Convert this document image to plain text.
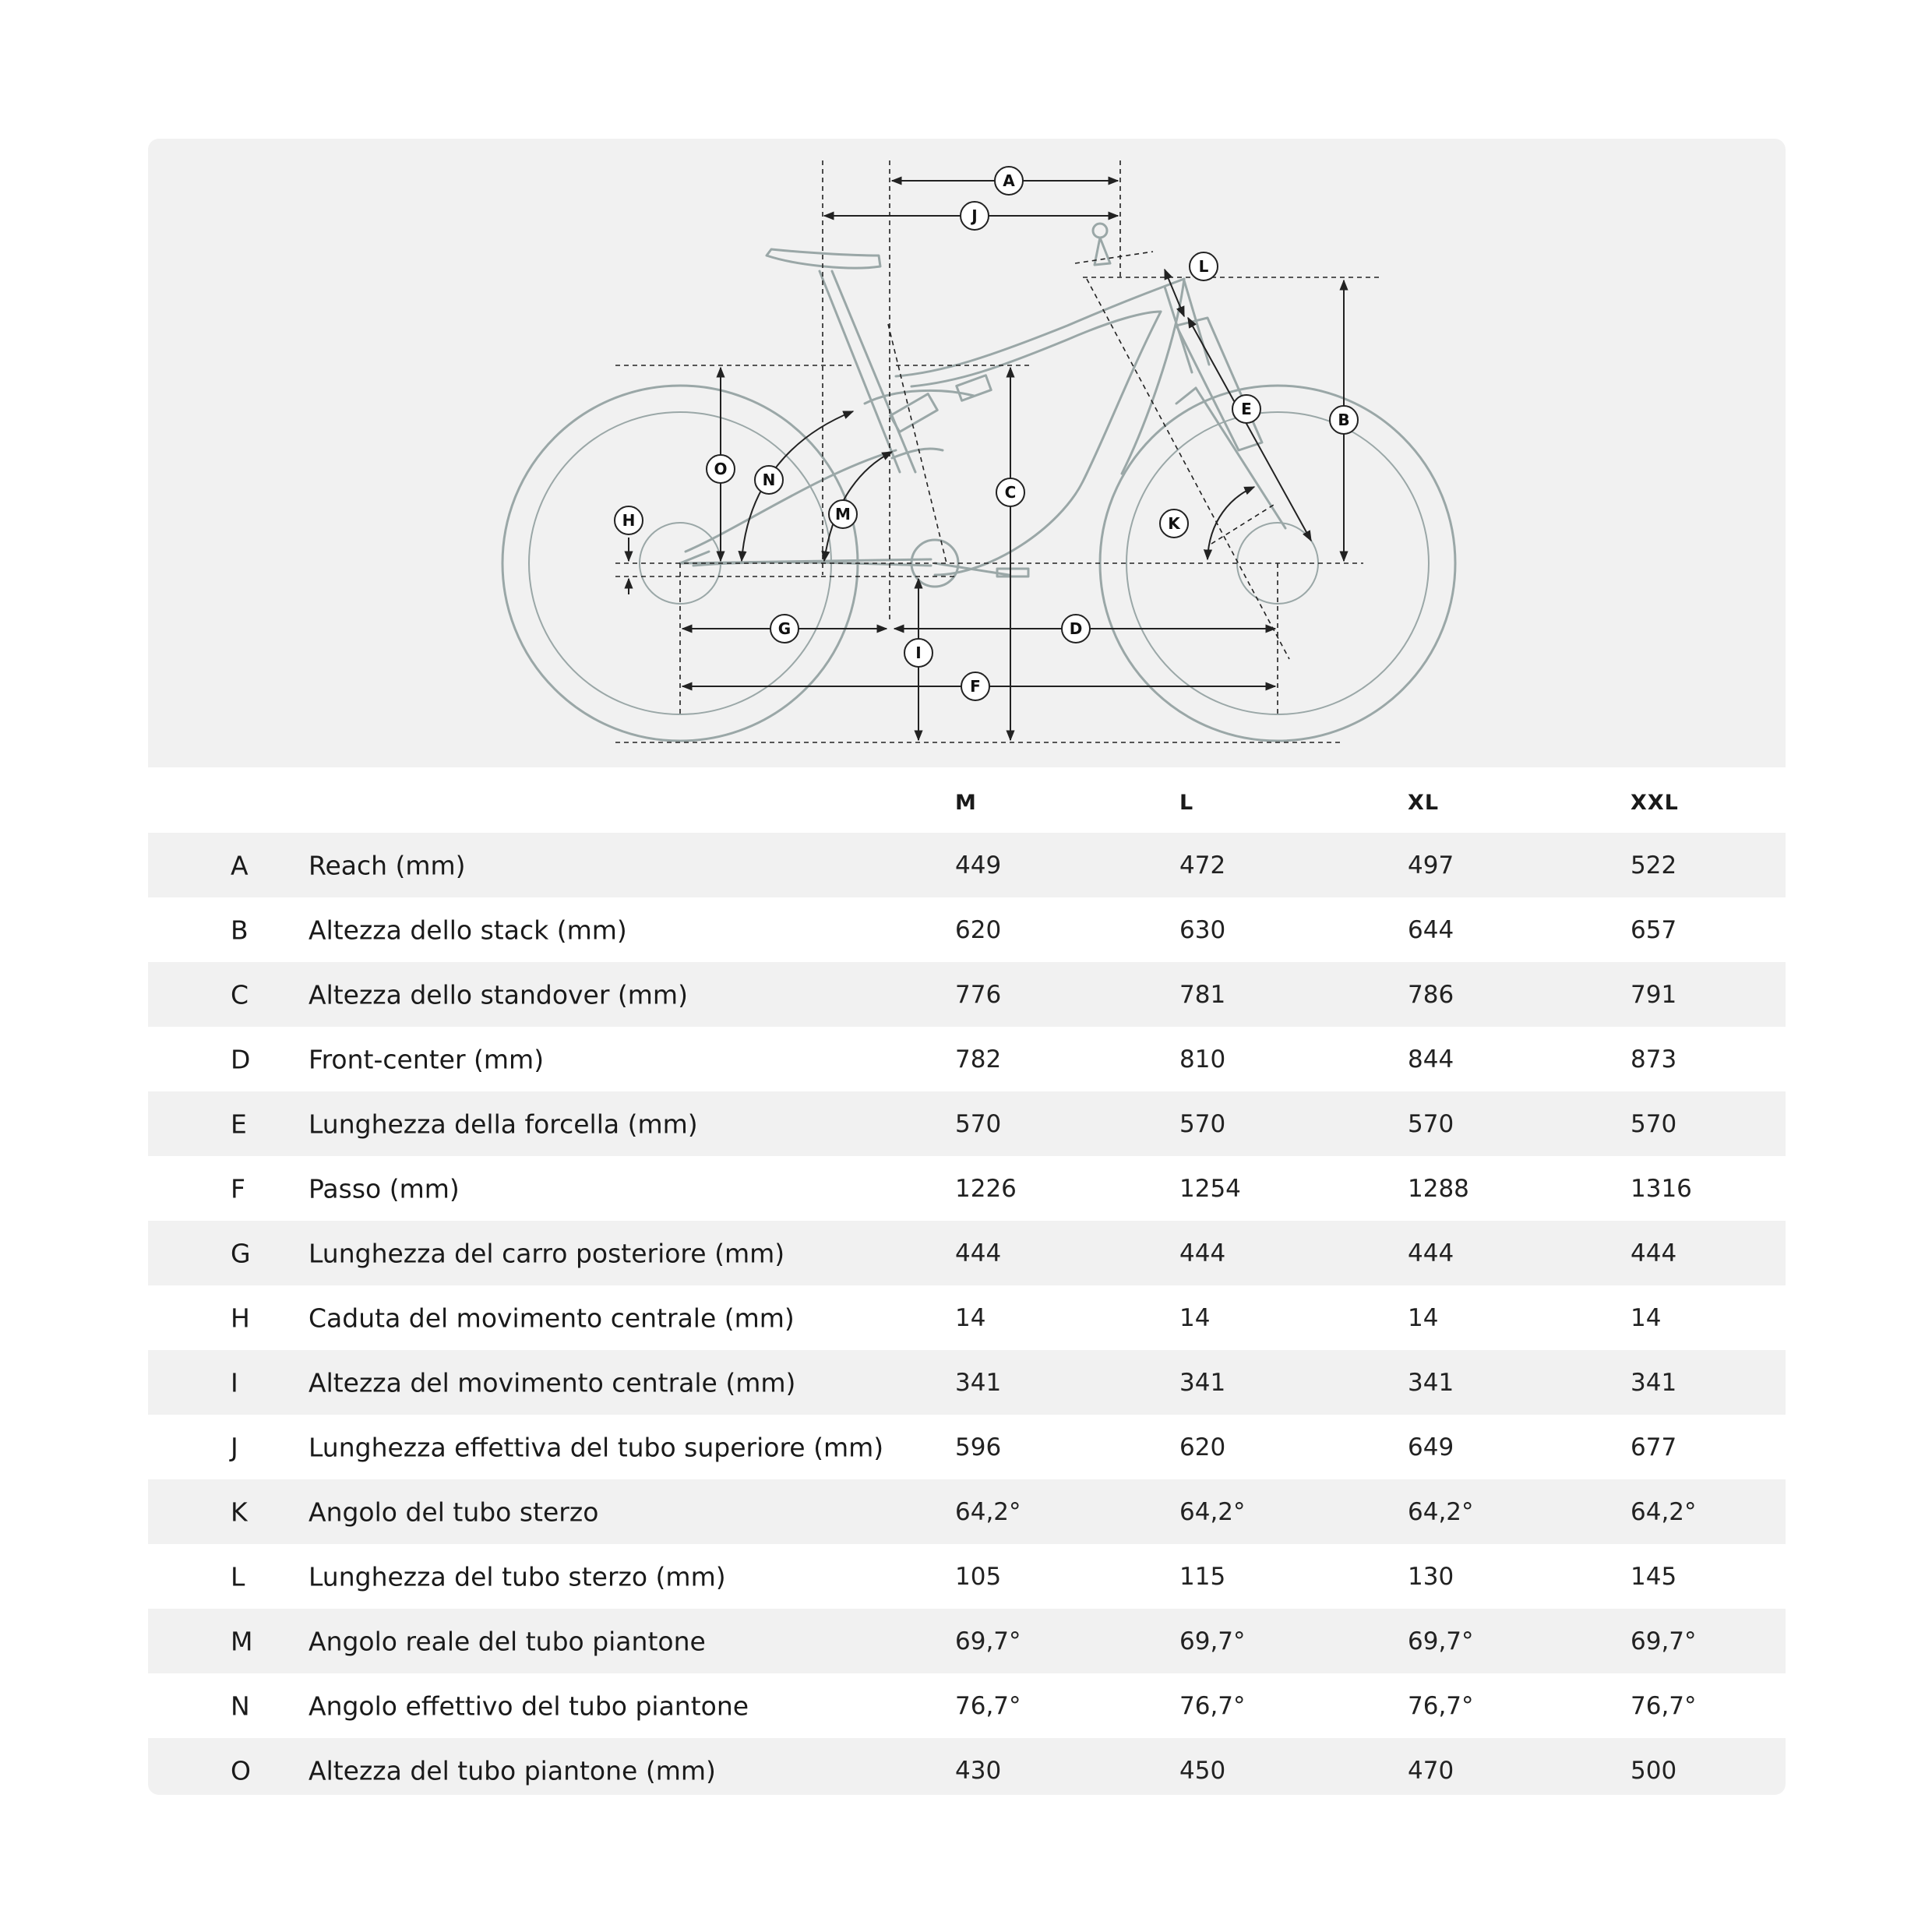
A
B
C
D
E
F
G
H
I
J
K
L
M
N
O
M	L	XL	XXL
A Reach (mm)	449	472	497	522
B Altezza dello stack (mm)	620	630	644	657
C Altezza dello standover (mm)	776	781	786	791
D Front-center (mm)	782	810	844	873
E Lunghezza della forcella (mm)	570	570	570	570
F Passo (mm)	1226	1254	1288	1316
G Lunghezza del carro posteriore (mm)	444	444	444	444
H Caduta del movimento centrale (mm)	14	14	14	14
I	Altezza del movimento centrale (mm)	341	341	341	341
J	Lunghezza effettiva del tubo superiore (mm)	596	620	649	677
K Angolo del tubo sterzo	64,2°	64,2°	64,2°	64,2°
L Lunghezza del tubo sterzo (mm)	105	115	130	145
M Angolo reale del tubo piantone	69,7°	69,7°	69,7°	69,7°
N Angolo effettivo del tubo piantone	76,7°	76,7°	76,7°	76,7°
O Altezza del tubo piantone (mm)	430	450	470	500
